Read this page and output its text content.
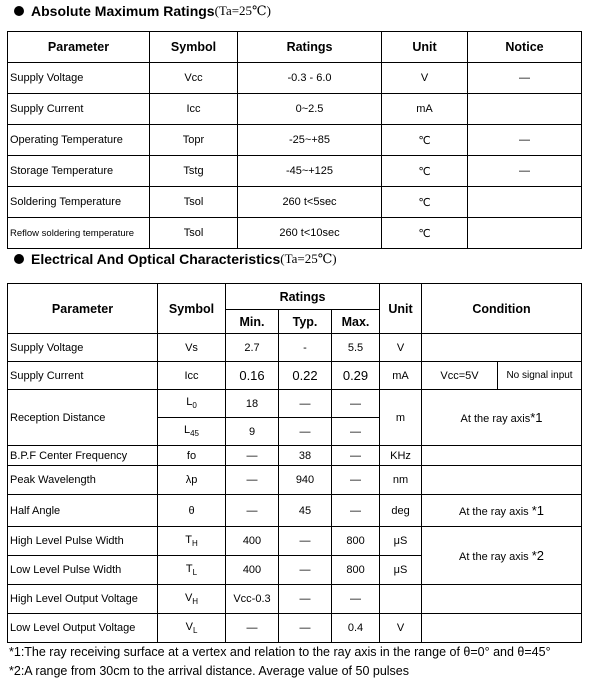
Absolute Maximum Ratings (Ta=25℃)
Parameter	Symbol	Ratings	Unit	Notice
Supply Voltage	Vcc	-0.3 - 6.0	V	—
Supply Current	Icc	0~2.5	mA	
Operating Temperature	Topr	-25~+85	℃	—
Storage Temperature	Tstg	-45~+125	℃	—
Soldering Temperature	Tsol	260 t<5sec	℃	
Reflow soldering temperature	Tsol	260 t<10sec	℃	
Electrical And Optical Characteristics (Ta=25℃)
Parameter	Symbol	Ratings			Unit	Condition	
		Min.	Typ.	Max.			
Supply Voltage	Vs	2.7	-	5.5	V		
Supply Current	Icc	0.16	0.22	0.29	mA	Vcc=5V	No signal input
Reception Distance	$L_0$	18	—	—	m	At the ray axis*1	
	$L_{45}$	9	—	—			
B.P.F Center Frequency	fo	—	38	—	KHz		
Peak Wavelength	λp	—	940	—	nm		
Half Angle	θ	—	45	—	deg	At the ray axis *1	
High Level Pulse Width	$T_H$	400	—	800	μS	At the ray axis *2	
Low Level Pulse Width	$T_L$	400	—	800	μS		
High Level Output Voltage	$V_H$	Vcc-0.3	—	—			
Low Level Output Voltage	$V_L$	—	—	0.4	V		
*1:The ray receiving surface at a vertex and relation to the ray axis in the range of θ=0° and θ=45°
*2:A range from 30cm to the arrival distance. Average value of 50 pulses
